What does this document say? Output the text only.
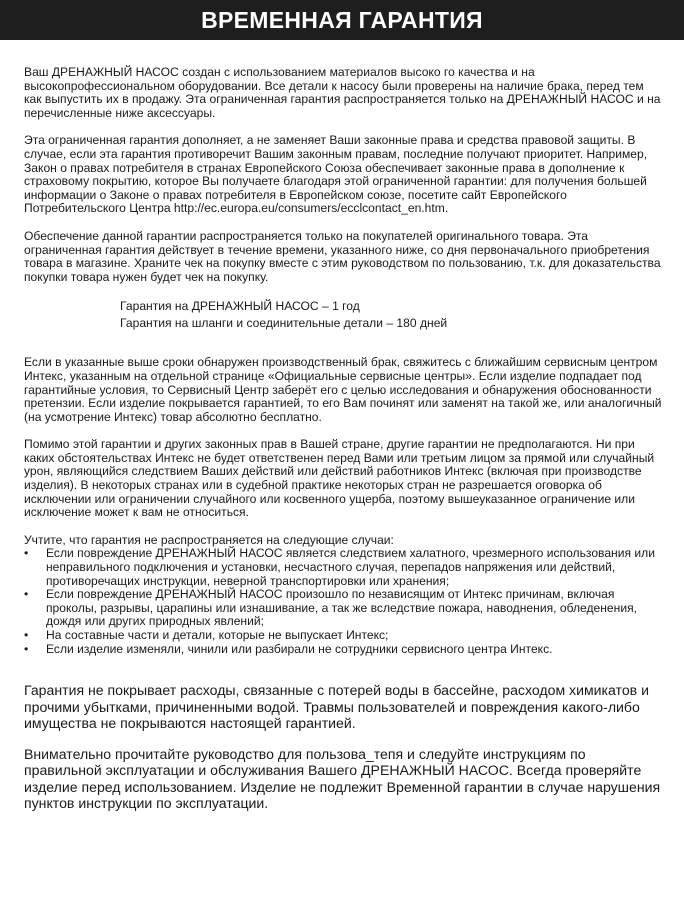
ВРЕМЕННАЯ ГАРАНТИЯ

Ваш ДРЕНАЖНЫЙ НАСОС создан с использованием материалов высоко го качества и на высокопрофессиональном оборудовании. Все детали к насосу были проверены на наличие брака, перед тем как выпустить их в продажу. Эта ограниченная гарантия распространяется только на ДРЕНАЖНЫЙ НАСОС и на перечисленные ниже аксессуары.

Эта ограниченная гарантия дополняет, а не заменяет Ваши законные права и средства правовой защиты. В случае, если эта гарантия противоречит Вашим законным правам, последние получают приоритет. Например, Закон о правах потребителя в странах Европейского Союза обеспечивает законные права в дополнение к страховому покрытию, которое Вы получаете благодаря этой ограниченной гарантии: для получения большей информации о Законе о правах потребителя в Европейском союзе, посетите сайт Европейского Потребительского Центра http://ec.europa.eu/consumers/ecclcontact_en.htm.

Обеспечение данной гарантии распространяется только на покупателей оригинального товара. Эта ограниченная гарантия действует в течение времени, указанного ниже, со дня первоначального приобретения товара в магазине. Храните чек на покупку вместе с этим руководством по пользованию, т.к. для доказательства покупки товара нужен будет чек на покупку.

Гарантия на ДРЕНАЖНЫЙ НАСОС – 1 год
Гарантия на шланги и соединительные детали – 180 дней

Если в указанные выше сроки обнаружен производственный брак, свяжитесь с ближайшим сервисным центром Интекс, указанным на отдельной странице «Официальные сервисные центры». Если изделие подпадает под гарантийные условия, то Сервисный Центр заберёт его с целью исследования и обнаружения обоснованности претензии. Если изделие покрывается гарантией, то его Вам починят или заменят на такой же, или аналогичный (на усмотрение Интекс) товар абсолютно бесплатно.

Помимо этой гарантии и других законных прав в Вашей стране, другие гарантии не предполагаются. Ни при каких обстоятельствах Интекс не будет ответственен перед Вами или третьим лицом за прямой или случайный урон, являющийся следствием Ваших действий или действий работников Интекс (включая при производстве изделия). В некоторых странах или в судебной практике некоторых стран не разрешается оговорка об исключении или ограничении случайного или косвенного ущерба, поэтому вышеуказанное ограничение или исключение может к вам не относиться.

Учтите, что гарантия не распространяется на следующие случаи:
• Если повреждение ДРЕНАЖНЫЙ НАСОС является следствием халатного, чрезмерного использования или неправильного подключения и установки, несчастного случая, перепадов напряжения или действий, противоречащих инструкции, неверной транспортировки или хранения;
• Если повреждение ДРЕНАЖНЫЙ НАСОС произошло по независящим от Интекс причинам, включая проколы, разрывы, царапины или изнашивание, а так же вследствие пожара, наводнения, обледенения, дождя или других природных явлений;
• На составные части и детали, которые не выпускает Интекс;
• Если изделие изменяли, чинили или разбирали не сотрудники сервисного центра Интекс.

Гарантия не покрывает расходы, связанные с потерей воды в бассейне, расходом химикатов и прочими убытками, причиненными водой. Травмы пользователей и повреждения какого-либо имущества не покрываются настоящей гарантией.

Внимательно прочитайте руководство для пользова_тепя и следуйте инструкциям по правильной эксплуатации и обслуживания Вашего ДРЕНАЖНЫЙ НАСОС. Всегда проверяйте изделие перед использованием. Изделие не подлежит Временной гарантии в случае нарушения пунктов инструкции по эксплуатации.
